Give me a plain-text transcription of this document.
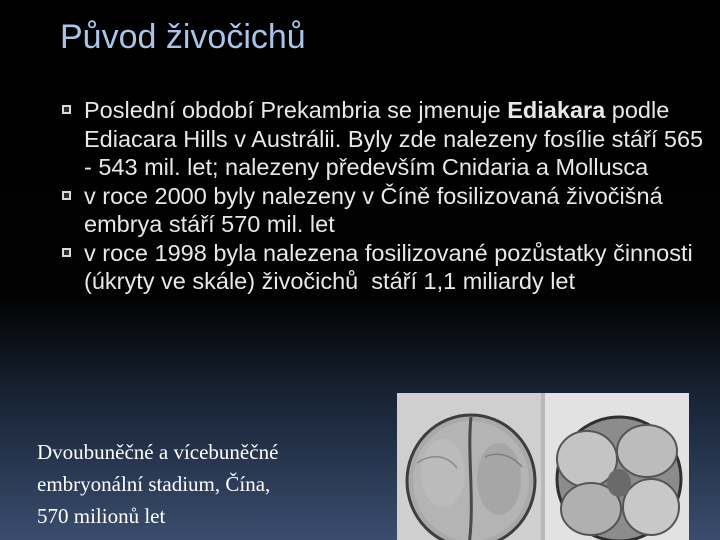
Původ živočichů
Poslední období Prekambria se jmenuje Ediakara podle Ediacara Hills v Austrálii. Byly zde nalezeny fosílie stáří 565 - 543 mil. let; nalezeny především Cnidaria a Mollusca
v roce 2000 byly nalezeny v Číně fosilizovaná živočišná embrya stáří 570 mil. let
v roce 1998 byla nalezena fosilizované pozůstatky činnosti (úkryty ve skále) živočichů  stáří 1,1 miliardy let
Dvoubuněčné a vícebuněčné
embryonální stadium, Čína,
570 milionů let
